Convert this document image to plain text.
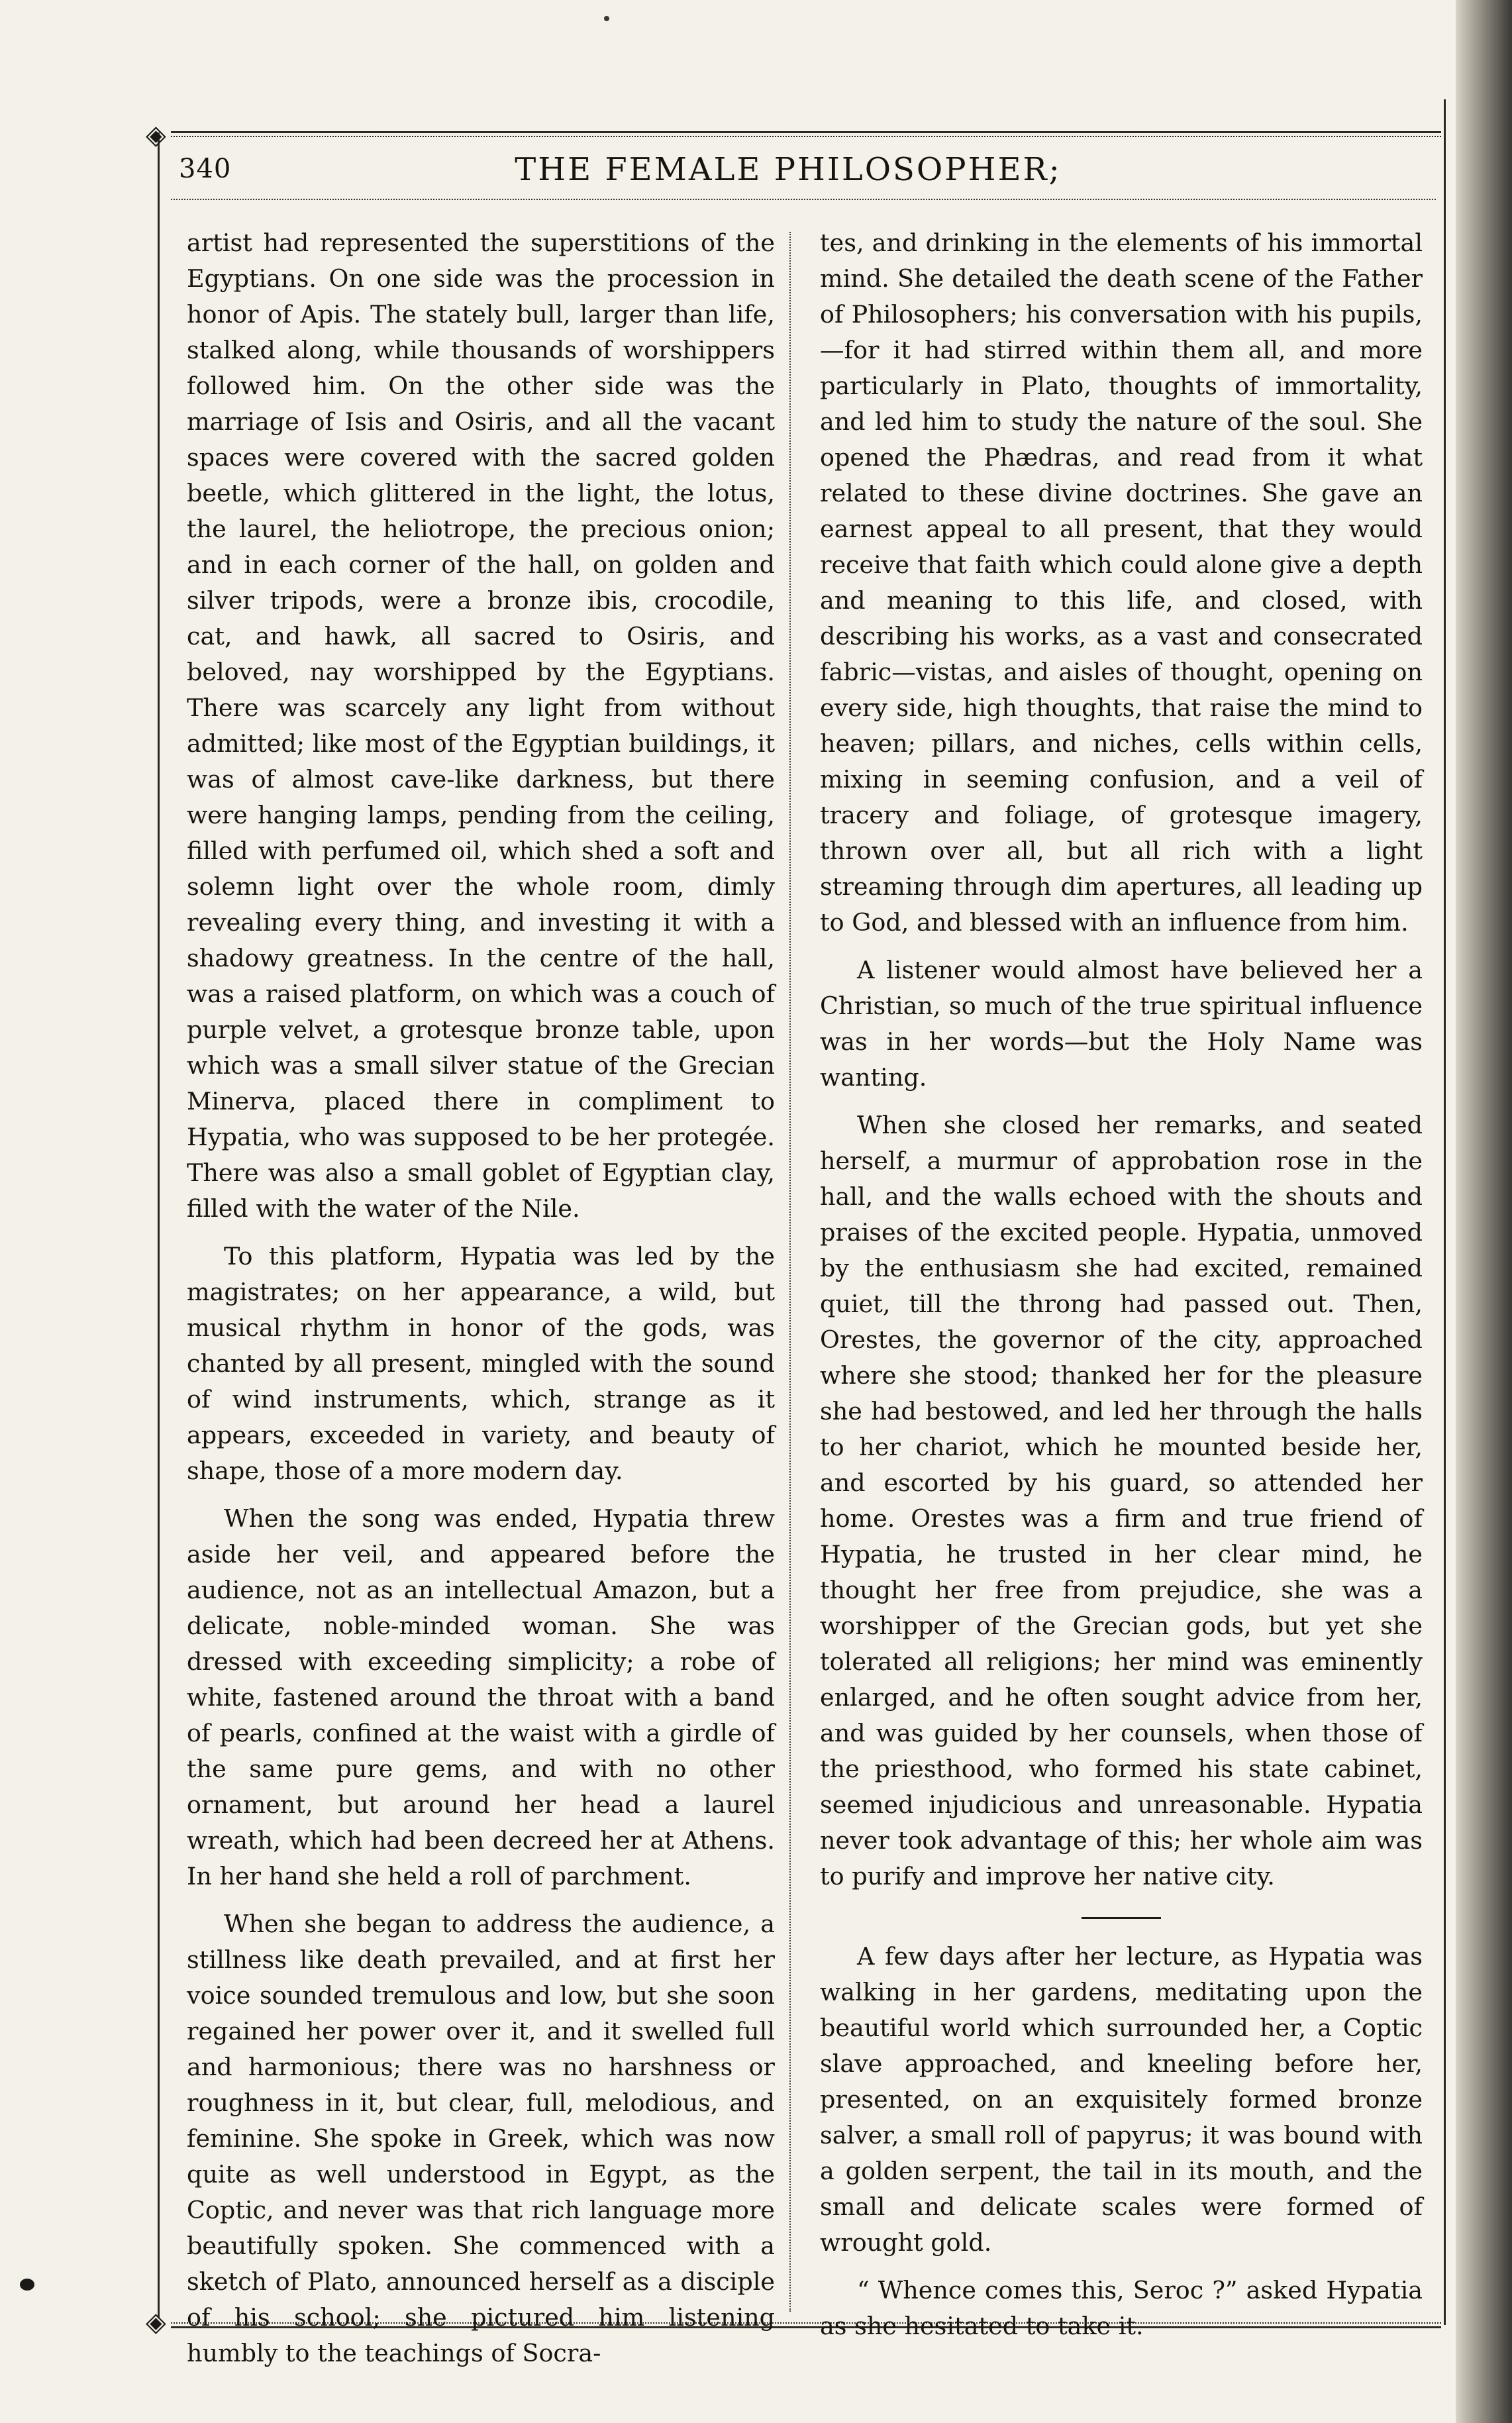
◈
◈
340	THE FEMALE PHILOSOPHER;

artist had represented the superstitions of the Egyptians. On one side was the procession in honor of Apis. The stately bull, larger than life, stalked along, while thousands of worshippers followed him. On the other side was the marriage of Isis and Osiris, and all the vacant spaces were covered with the sacred golden beetle, which glittered in the light, the lotus, the laurel, the heliotrope, the precious onion; and in each corner of the hall, on golden and silver tripods, were a bronze ibis, crocodile, cat, and hawk, all sacred to Osiris, and beloved, nay worshipped by the Egyptians. There was scarcely any light from without admitted; like most of the Egyptian buildings, it was of almost cave-like darkness, but there were hanging lamps, pending from the ceiling, filled with perfumed oil, which shed a soft and solemn light over the whole room, dimly revealing every thing, and investing it with a shadowy greatness. In the centre of the hall, was a raised platform, on which was a couch of purple velvet, a grotesque bronze table, upon which was a small silver statue of the Grecian Minerva, placed there in compliment to Hypatia, who was supposed to be her protegée. There was also a small goblet of Egyptian clay, filled with the water of the Nile.

To this platform, Hypatia was led by the magistrates; on her appearance, a wild, but musical rhythm in honor of the gods, was chanted by all present, mingled with the sound of wind instruments, which, strange as it appears, exceeded in variety, and beauty of shape, those of a more modern day.

When the song was ended, Hypatia threw aside her veil, and appeared before the audience, not as an intellectual Amazon, but a delicate, noble-minded woman. She was dressed with exceeding simplicity; a robe of white, fastened around the throat with a band of pearls, confined at the waist with a girdle of the same pure gems, and with no other ornament, but around her head a laurel wreath, which had been decreed her at Athens. In her hand she held a roll of parchment.

When she began to address the audience, a stillness like death prevailed, and at first her voice sounded tremulous and low, but she soon regained her power over it, and it swelled full and harmonious; there was no harshness or roughness in it, but clear, full, melodious, and feminine. She spoke in Greek, which was now quite as well understood in Egypt, as the Coptic, and never was that rich language more beautifully spoken. She commenced with a sketch of Plato, announced herself as a disciple of his school; she pictured him listening humbly to the teachings of Socra-

tes, and drinking in the elements of his immortal mind. She detailed the death scene of the Father of Philosophers; his conversation with his pupils,—for it had stirred within them all, and more particularly in Plato, thoughts of immortality, and led him to study the nature of the soul. She opened the Phædras, and read from it what related to these divine doctrines. She gave an earnest appeal to all present, that they would receive that faith which could alone give a depth and meaning to this life, and closed, with describing his works, as a vast and consecrated fabric—vistas, and aisles of thought, opening on every side, high thoughts, that raise the mind to heaven; pillars, and niches, cells within cells, mixing in seeming confusion, and a veil of tracery and foliage, of grotesque imagery, thrown over all, but all rich with a light streaming through dim apertures, all leading up to God, and blessed with an influence from him.

A listener would almost have believed her a Christian, so much of the true spiritual influence was in her words—but the Holy Name was wanting.

When she closed her remarks, and seated herself, a murmur of approbation rose in the hall, and the walls echoed with the shouts and praises of the excited people. Hypatia, unmoved by the enthusiasm she had excited, remained quiet, till the throng had passed out. Then, Orestes, the governor of the city, approached where she stood; thanked her for the pleasure she had bestowed, and led her through the halls to her chariot, which he mounted beside her, and escorted by his guard, so attended her home. Orestes was a firm and true friend of Hypatia, he trusted in her clear mind, he thought her free from prejudice, she was a worshipper of the Grecian gods, but yet she tolerated all religions; her mind was eminently enlarged, and he often sought advice from her, and was guided by her counsels, when those of the priesthood, who formed his state cabinet, seemed injudicious and unreasonable. Hypatia never took advantage of this; her whole aim was to purify and improve her native city.

A few days after her lecture, as Hypatia was walking in her gardens, meditating upon the beautiful world which surrounded her, a Coptic slave approached, and kneeling before her, presented, on an exquisitely formed bronze salver, a small roll of papyrus; it was bound with a golden serpent, the tail in its mouth, and the small and delicate scales were formed of wrought gold.

“ Whence comes this, Seroc ?” asked Hypatia as she hesitated to take it.
